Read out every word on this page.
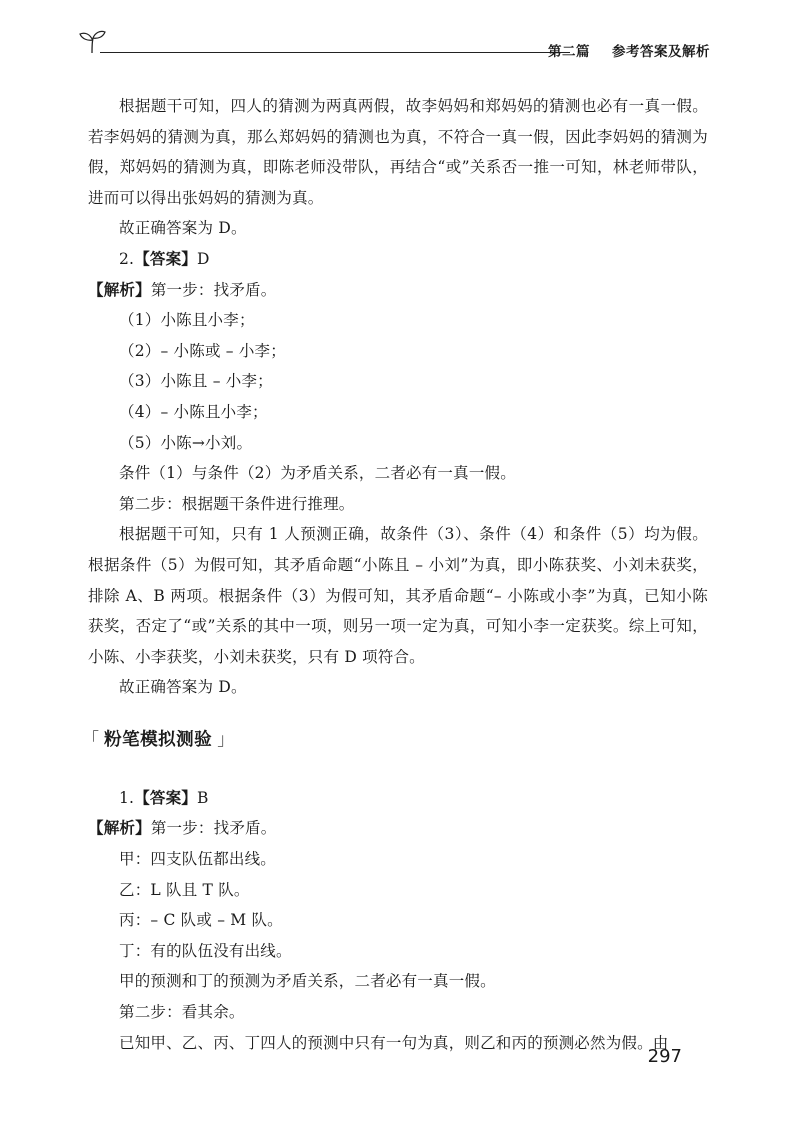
第二篇 参考答案及解析

根据题干可知，四人的猜测为两真两假，故李妈妈和郑妈妈的猜测也必有一真一假。若李妈妈的猜测为真，那么郑妈妈的猜测也为真，不符合一真一假，因此李妈妈的猜测为假，郑妈妈的猜测为真，即陈老师没带队，再结合“或”关系否一推一可知，林老师带队，进而可以得出张妈妈的猜测为真。

故正确答案为 D。

2.【答案】D

【解析】第一步：找矛盾。

（1）小陈且小李；

（2）– 小陈或 – 小李；

（3）小陈且 – 小李；

（4）– 小陈且小李；

（5）小陈→小刘。

条件（1）与条件（2）为矛盾关系，二者必有一真一假。

第二步：根据题干条件进行推理。

根据题干可知，只有 1 人预测正确，故条件（3）、条件（4）和条件（5）均为假。根据条件（5）为假可知，其矛盾命题“小陈且 – 小刘”为真，即小陈获奖、小刘未获奖，排除 A、B 两项。根据条件（3）为假可知，其矛盾命题“– 小陈或小李”为真，已知小陈获奖，否定了“或”关系的其中一项，则另一项一定为真，可知小李一定获奖。综上可知，小陈、小李获奖，小刘未获奖，只有 D 项符合。

故正确答案为 D。

「 粉笔模拟测验 」

1.【答案】B

【解析】第一步：找矛盾。

甲：四支队伍都出线。

乙：L 队且 T 队。

丙：– C 队或 – M 队。

丁：有的队伍没有出线。

甲的预测和丁的预测为矛盾关系，二者必有一真一假。

第二步：看其余。

已知甲、乙、丙、丁四人的预测中只有一句为真，则乙和丙的预测必然为假。由

297
